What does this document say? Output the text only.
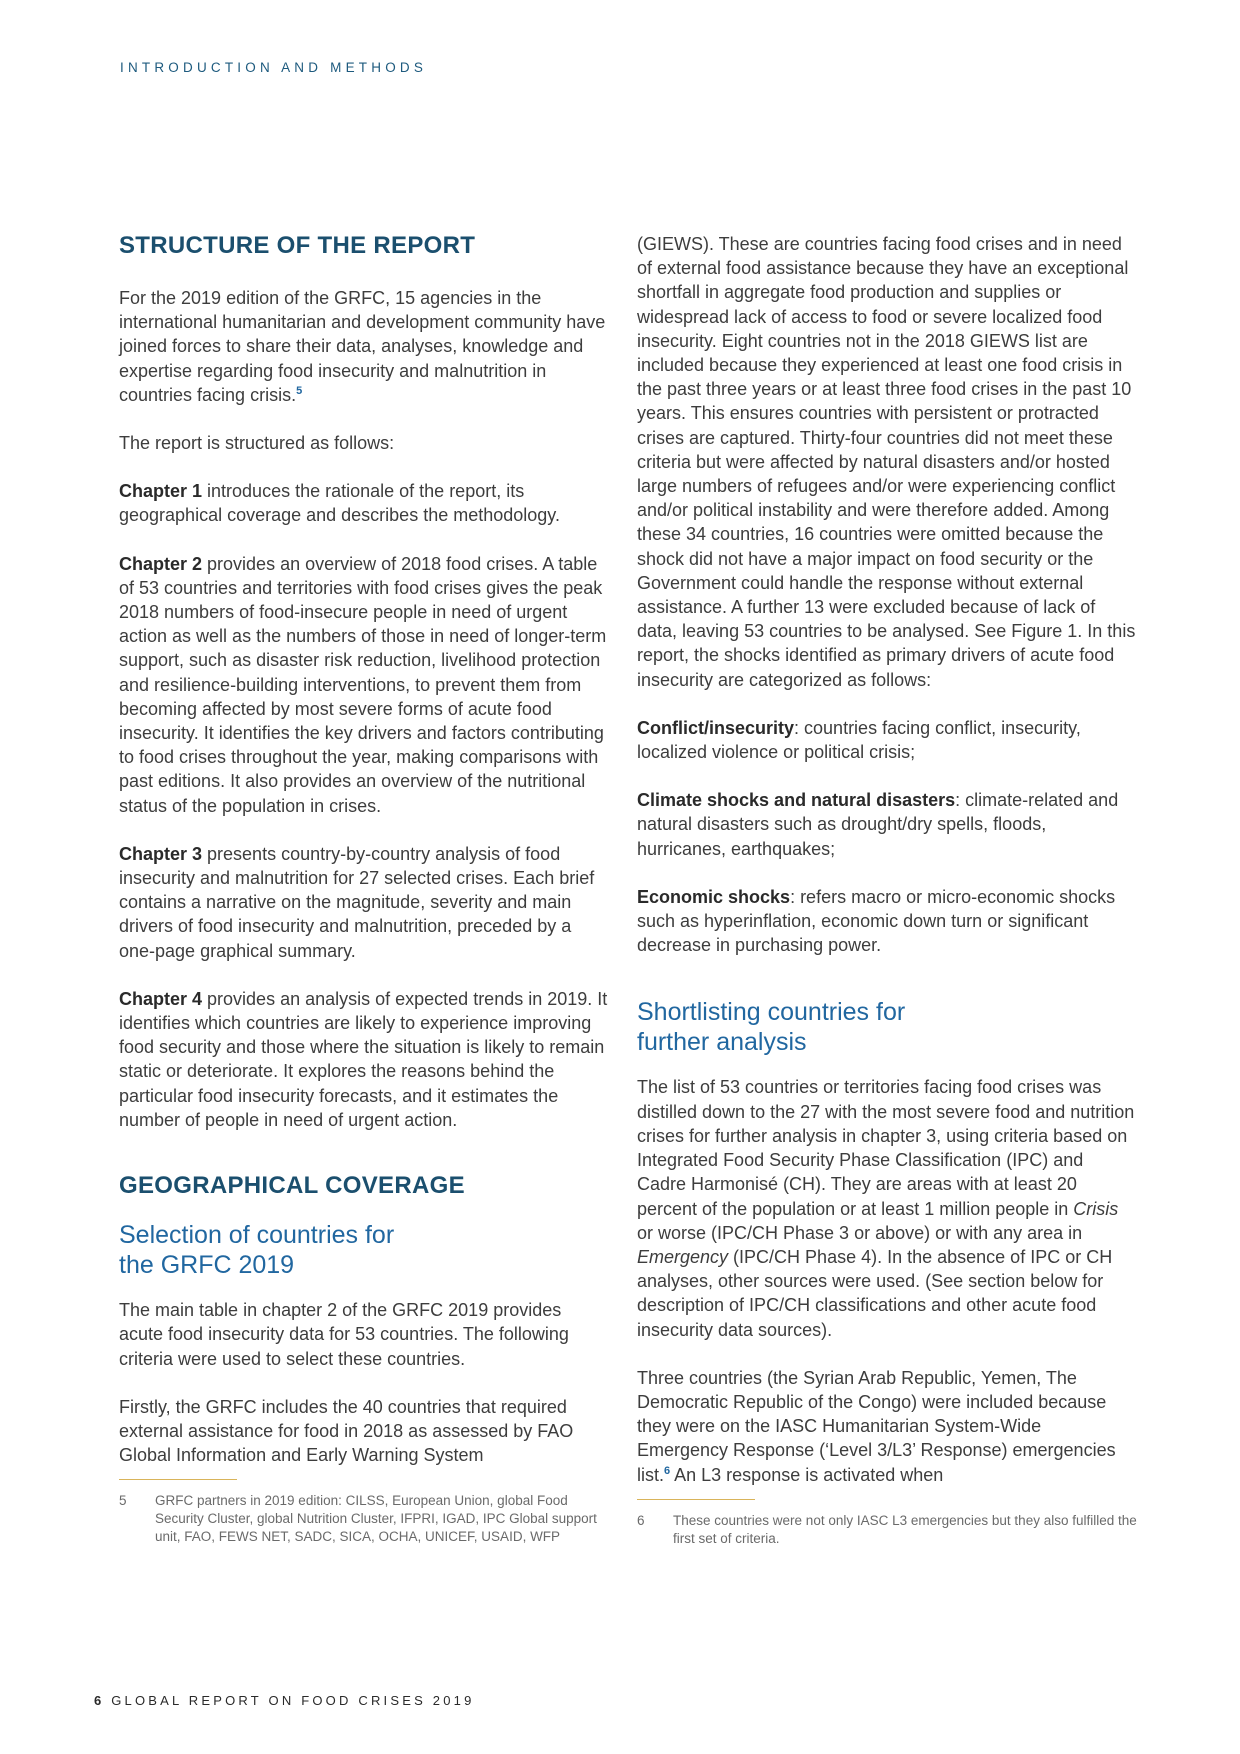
INTRODUCTION AND METHODS
STRUCTURE OF THE REPORT

For the 2019 edition of the GRFC, 15 agencies in the international humanitarian and development community have joined forces to share their data, analyses, knowledge and expertise regarding food insecurity and malnutrition in countries facing crisis.$^5$

The report is structured as follows:

Chapter 1 introduces the rationale of the report, its geographical coverage and describes the methodology.

Chapter 2 provides an overview of 2018 food crises. A table of 53 countries and territories with food crises gives the peak 2018 numbers of food-insecure people in need of urgent action as well as the numbers of those in need of longer-term support, such as disaster risk reduction, livelihood protection and resilience-building interventions, to prevent them from becoming affected by most severe forms of acute food insecurity. It identifies the key drivers and factors contributing to food crises throughout the year, making comparisons with past editions. It also provides an overview of the nutritional status of the population in crises.

Chapter 3 presents country-by-country analysis of food insecurity and malnutrition for 27 selected crises. Each brief contains a narrative on the magnitude, severity and main drivers of food insecurity and malnutrition, preceded by a one-page graphical summary.

Chapter 4 provides an analysis of expected trends in 2019. It identifies which countries are likely to experience improving food security and those where the situation is likely to remain static or deteriorate. It explores the reasons behind the particular food insecurity forecasts, and it estimates the number of people in need of urgent action.

GEOGRAPHICAL COVERAGE
Selection of countries for the GRFC 2019

The main table in chapter 2 of the GRFC 2019 provides acute food insecurity data for 53 countries. The following criteria were used to select these countries.

Firstly, the GRFC includes the 40 countries that required external assistance for food in 2018 as assessed by FAO Global Information and Early Warning System

5	GRFC partners in 2019 edition: CILSS, European Union, global Food Security Cluster, global Nutrition Cluster, IFPRI, IGAD, IPC Global support unit, FAO, FEWS NET, SADC, SICA, OCHA, UNICEF, USAID, WFP

(GIEWS). These are countries facing food crises and in need of external food assistance because they have an exceptional shortfall in aggregate food production and supplies or widespread lack of access to food or severe localized food insecurity. Eight countries not in the 2018 GIEWS list are included because they experienced at least one food crisis in the past three years or at least three food crises in the past 10 years. This ensures countries with persistent or protracted crises are captured. Thirty-four countries did not meet these criteria but were affected by natural disasters and/or hosted large numbers of refugees and/or were experiencing conflict and/or political instability and were therefore added. Among these 34 countries, 16 countries were omitted because the shock did not have a major impact on food security or the Government could handle the response without external assistance. A further 13 were excluded because of lack of data, leaving 53 countries to be analysed. See Figure 1. In this report, the shocks identified as primary drivers of acute food insecurity are categorized as follows:

Conflict/insecurity: countries facing conflict, insecurity, localized violence or political crisis;

Climate shocks and natural disasters: climate-related and natural disasters such as drought/dry spells, floods, hurricanes, earthquakes;

Economic shocks: refers macro or micro-economic shocks such as hyperinflation, economic down turn or significant decrease in purchasing power.

Shortlisting countries for further analysis

The list of 53 countries or territories facing food crises was distilled down to the 27 with the most severe food and nutrition crises for further analysis in chapter 3, using criteria based on Integrated Food Security Phase Classification (IPC) and Cadre Harmonisé (CH). They are areas with at least 20 percent of the population or at least 1 million people in Crisis or worse (IPC/CH Phase 3 or above) or with any area in Emergency (IPC/CH Phase 4). In the absence of IPC or CH analyses, other sources were used. (See section below for description of IPC/CH classifications and other acute food insecurity data sources).

Three countries (the Syrian Arab Republic, Yemen, The Democratic Republic of the Congo) were included because they were on the IASC Humanitarian System-Wide Emergency Response (‘Level 3/L3’ Response) emergencies list.$^6$ An L3 response is activated when

6	These countries were not only IASC L3 emergencies but they also fulfilled the first set of criteria.
6 GLOBAL REPORT ON FOOD CRISES 2019
